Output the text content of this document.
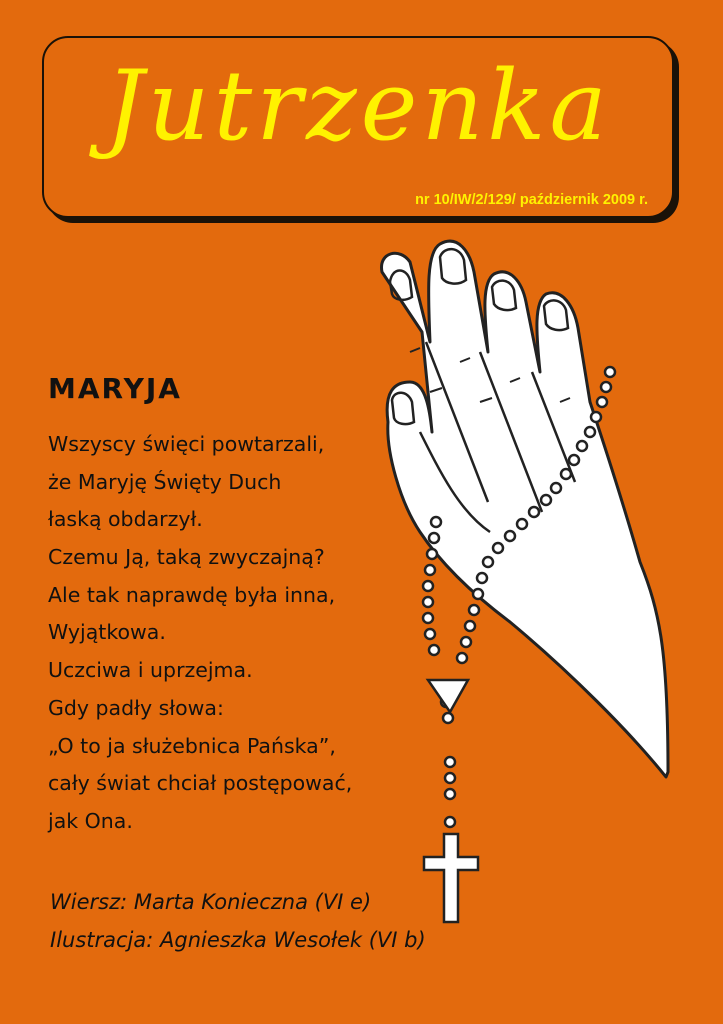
Jutrzenka
nr 10/IW/2/129/ październik 2009 r.
MARYJA
Wszyscy święci powtarzali,
że Maryję Święty Duch
łaską obdarzył.
Czemu Ją, taką zwyczajną?
Ale tak naprawdę była inna,
Wyjątkowa.
Uczciwa i uprzejma.
Gdy padły słowa:
„O to ja służebnica Pańska”,
cały świat chciał postępować,
jak Ona.
Wiersz: Marta Konieczna (VI e)
Ilustracja: Agnieszka Wesołek (VI b)
